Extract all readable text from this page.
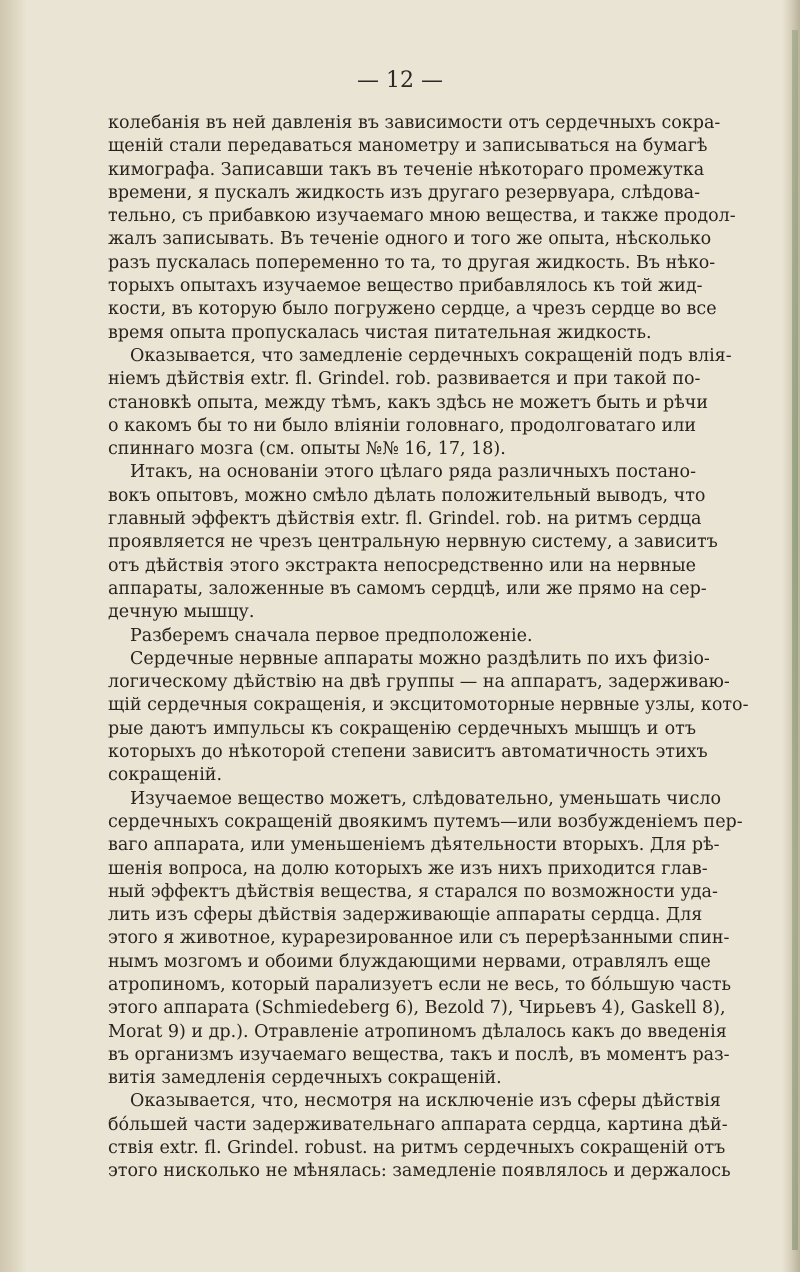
— 12 —
колебанія въ ней давленія въ зависимости отъ сердечныхъ сокра-
щеній стали передаваться манометру и записываться на бумагѣ
кимографа. Записавши такъ въ теченіе нѣкотораго промежутка
времени, я пускалъ жидкость изъ другаго резервуара, слѣдова-
тельно, съ прибавкою изучаемаго мною вещества, и также продол-
жалъ записывать. Въ теченіе одного и того же опыта, нѣсколько
разъ пускалась попеременно то та, то другая жидкость. Въ нѣко-
торыхъ опытахъ изучаемое вещество прибавлялось къ той жид-
кости, въ которую было погружено сердце, а чрезъ сердце во все
время опыта пропускалась чистая питательная жидкость.
Оказывается, что замедленіе сердечныхъ сокращеній подъ влія-
ніемъ дѣйствія extr. fl. Grindel. rob. развивается и при такой по-
становкѣ опыта, между тѣмъ, какъ здѣсь не можетъ быть и рѣчи
о какомъ бы то ни было вліяніи головнаго, продолговатаго или
спиннаго мозга (см. опыты №№ 16, 17, 18).
Итакъ, на основаніи этого цѣлаго ряда различныхъ постано-
вокъ опытовъ, можно смѣло дѣлать положительный выводъ, что
главный эффектъ дѣйствія extr. fl. Grindel. rob. на ритмъ сердца
проявляется не чрезъ центральную нервную систему, а зависитъ
отъ дѣйствія этого экстракта непосредственно или на нервные
аппараты, заложенные въ самомъ сердцѣ, или же прямо на сер-
дечную мышцу.
Разберемъ сначала первое предположеніе.
Сердечные нервные аппараты можно раздѣлить по ихъ физіо-
логическому дѣйствію на двѣ группы — на аппаратъ, задерживаю-
щій сердечныя сокращенія, и эксцитомоторные нервные узлы, кото-
рые даютъ импульсы къ сокращенію сердечныхъ мышцъ и отъ
которыхъ до нѣкоторой степени зависитъ автоматичность этихъ
сокращеній.
Изучаемое вещество можетъ, слѣдовательно, уменьшать число
сердечныхъ сокращеній двоякимъ путемъ—или возбужденіемъ пер-
ваго аппарата, или уменьшеніемъ дѣятельности вторыхъ. Для рѣ-
шенія вопроса, на долю которыхъ же изъ нихъ приходится глав-
ный эффектъ дѣйствія вещества, я старался по возможности уда-
лить изъ сферы дѣйствія задерживающіе аппараты сердца. Для
этого я животное, курарезированное или съ перерѣзанными спин-
нымъ мозгомъ и обоими блуждающими нервами, отравлялъ еще
атропиномъ, который парализуетъ если не весь, то бо́льшую часть
этого аппарата (Schmiedeberg 6), Bezold 7), Чирьевъ 4), Gaskell 8),
Morat 9) и др.). Отравленіе атропиномъ дѣлалось какъ до введенія
въ организмъ изучаемаго вещества, такъ и послѣ, въ моментъ раз-
витія замедленія сердечныхъ сокращеній.
Оказывается, что, несмотря на исключеніе изъ сферы дѣйствія
бо́льшей части задерживательнаго аппарата сердца, картина дѣй-
ствія extr. fl. Grindel. robust. на ритмъ сердечныхъ сокращеній отъ
этого нисколько не мѣнялась: замедленіе появлялось и держалось
